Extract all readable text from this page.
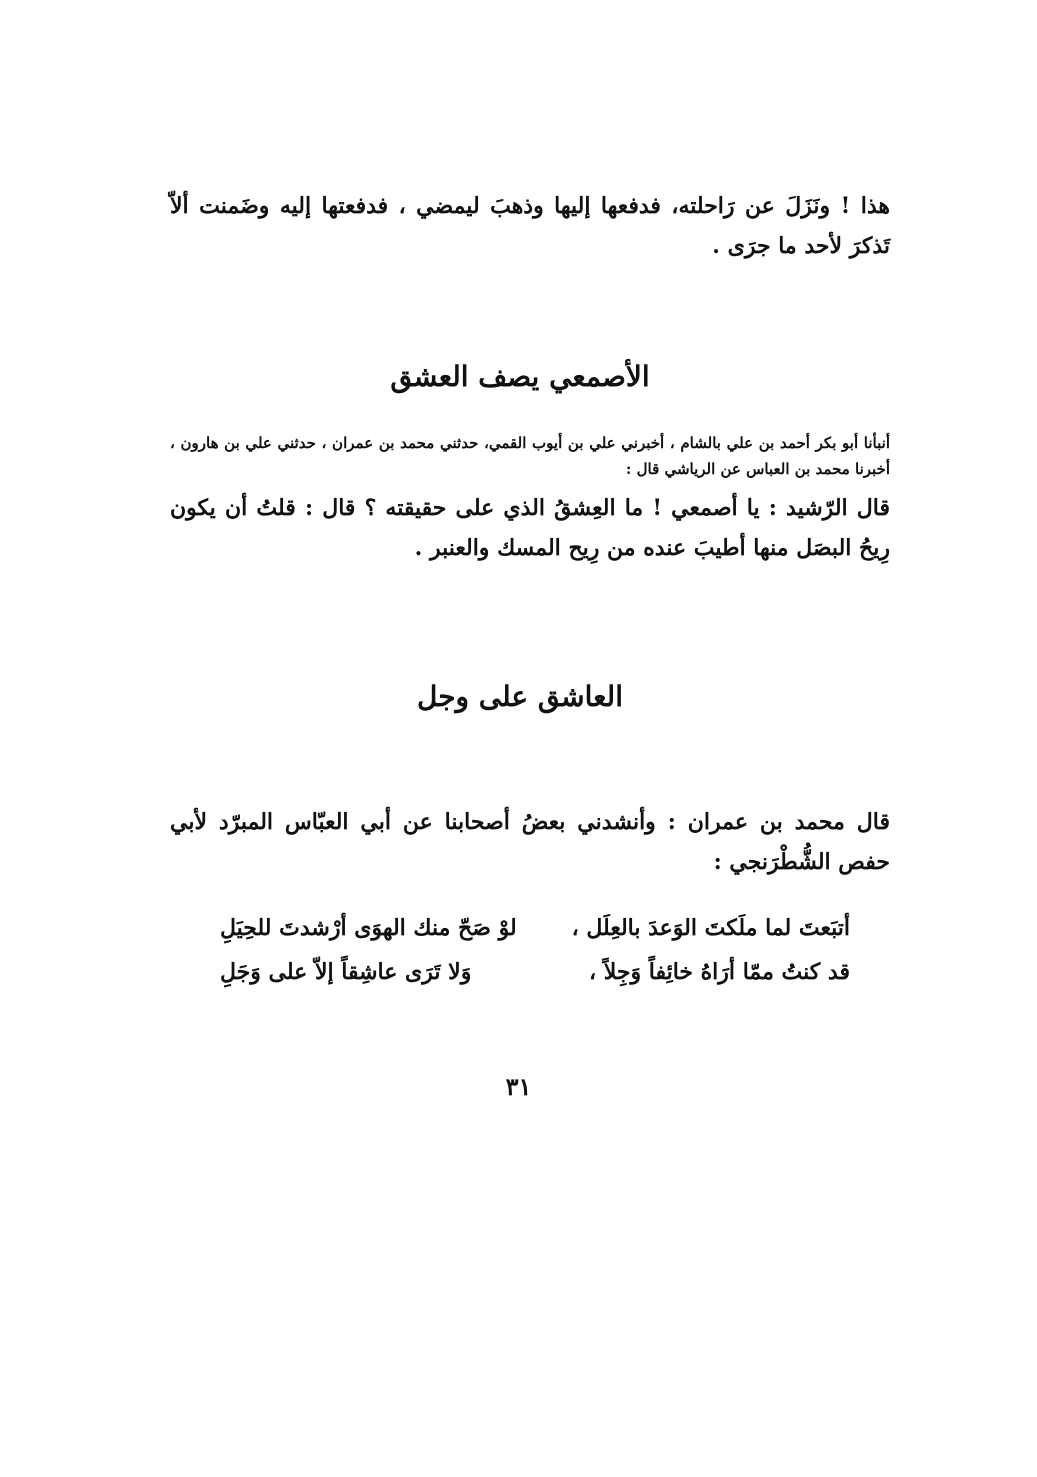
هذا ! ونَزَلَ عن رَاحلته، فدفعها إليها وذهبَ ليمضي ، فدفعتها إليه وضَمنت ألاّ تَذكرَ لأحد ما جرَى .

الأصمعي يصف العشق

أنبأنا أبو بكر أحمد بن علي بالشام ، أخبرني علي بن أيوب القمي، حدثني محمد بن عمران ، حدثني علي بن هارون ، أخبرنا محمد بن العباس عن الرياشي قال :

قال الرّشيد : يا أصمعي ! ما العِشقُ الذي على حقيقته ؟ قال : قلتُ أن يكون رِيحُ البصَل منها أطيبَ عنده من رِيح المسك والعنبر .

العاشق على وجل

قال محمد بن عمران : وأنشدني بعضُ أصحابنا عن أبي العبّاس المبرّد لأبي حفص الشُّطْرَنجي :

أتبَعتَ لما ملَكتَ الوَعدَ بالعِلَل ،
لوْ صَحّ منك الهوَى أرْشدتَ للحِيَلِ
قد كنتُ ممّا أرَاهُ خائِفاً وَجِلاً ،
وَلا تَرَى عاشِقاً إلاّ على وَجَلِ
٣١
